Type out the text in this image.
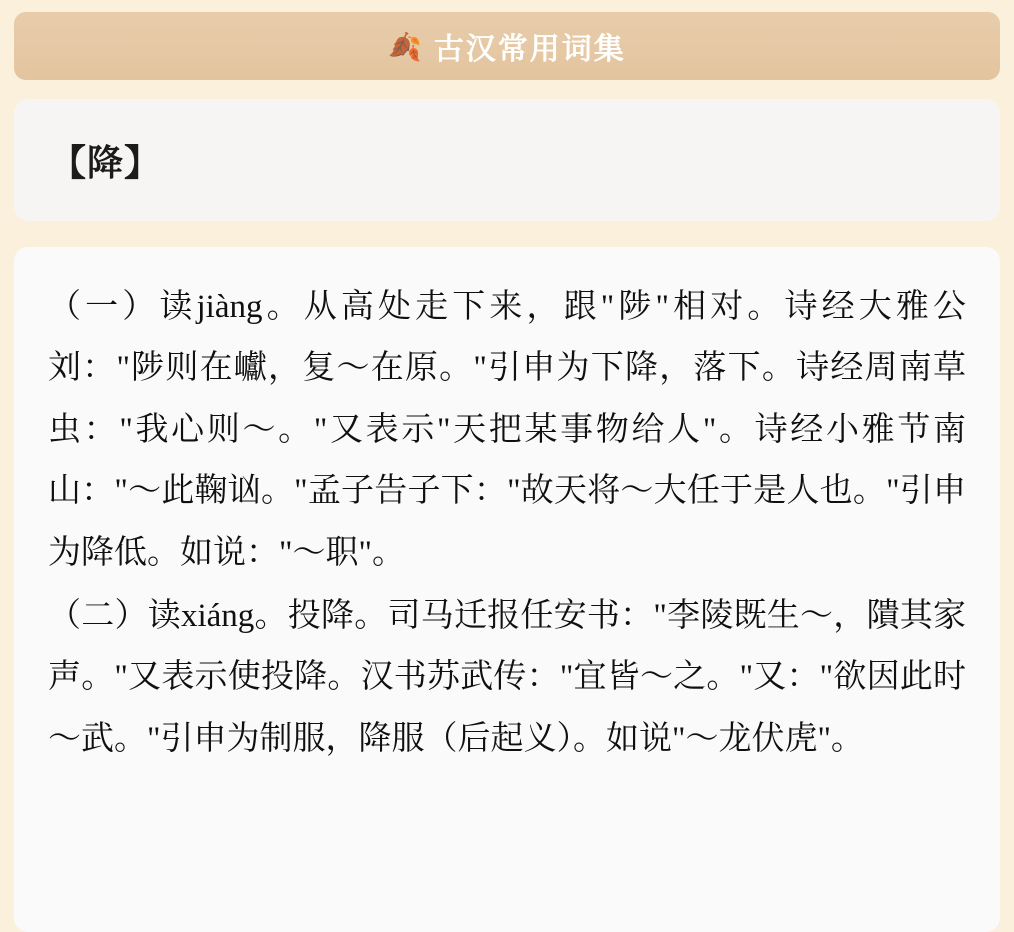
🍂 古汉常用词集
【降】

（一）读jiàng。从高处走下来，跟"陟"相对。诗经大雅公刘："陟则在巘，复～在原。"引申为下降，落下。诗经周南草虫："我心则～。"又表示"天把某事物给人"。诗经小雅节南山："～此鞠讻。"孟子告子下："故天将～大任于是人也。"引申为降低。如说："～职"。

（二）读xiáng。投降。司马迁报任安书："李陵既生～，隤其家声。"又表示使投降。汉书苏武传："宜皆～之。"又："欲因此时～武。"引申为制服，降服（后起义）。如说"～龙伏虎"。
